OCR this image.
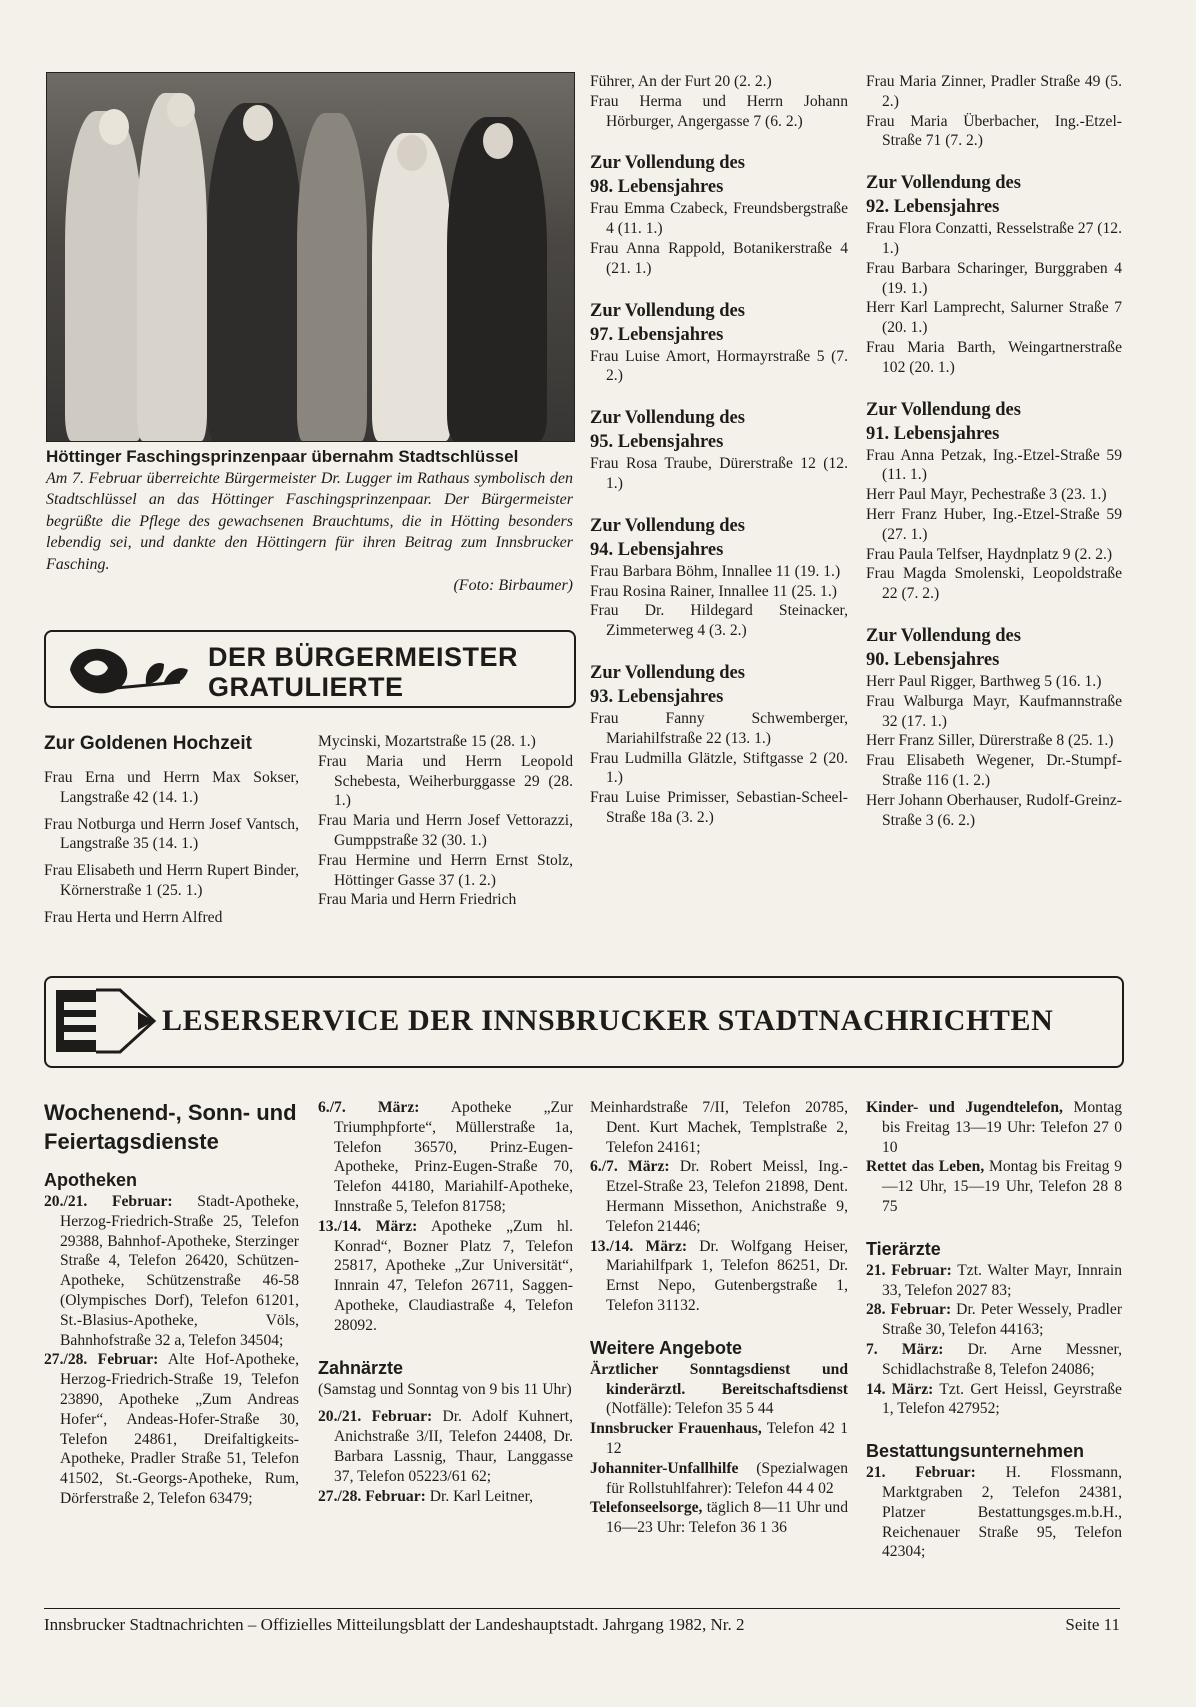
Höttinger Faschingsprinzenpaar übernahm Stadtschlüssel
Am 7. Februar überreichte Bürgermeister Dr. Lugger im Rathaus symbolisch den Stadtschlüssel an das Höttinger Faschingsprinzenpaar. Der Bürgermeister begrüßte die Pflege des gewachsenen Brauchtums, die in Hötting besonders lebendig sei, und dankte den Höttingern für ihren Beitrag zum Innsbrucker Fasching.
(Foto: Birbaumer)
DER BÜRGERMEISTER
GRATULIERTE

Zur Goldenen Hochzeit

Frau Erna und Herrn Max Sokser, Langstraße 42 (14. 1.)

Frau Notburga und Herrn Josef Vantsch, Langstraße 35 (14. 1.)

Frau Elisabeth und Herrn Rupert Binder, Körnerstraße 1 (25. 1.)

Frau Herta und Herrn Alfred

Mycinski, Mozartstraße 15 (28. 1.)

Frau Maria und Herrn Leopold Schebesta, Weiherburggasse 29 (28. 1.)

Frau Maria und Herrn Josef Vettorazzi, Gumppstraße 32 (30. 1.)

Frau Hermine und Herrn Ernst Stolz, Höttinger Gasse 37 (1. 2.)

Frau Maria und Herrn Friedrich

Führer, An der Furt 20 (2. 2.)

Frau Herma und Herrn Johann Hörburger, Angergasse 7 (6. 2.)

Zur Vollendung des

98. Lebensjahres

Frau Emma Czabeck, Freundsbergstraße 4 (11. 1.)

Frau Anna Rappold, Botanikerstraße 4 (21. 1.)

Zur Vollendung des

97. Lebensjahres

Frau Luise Amort, Hormayrstraße 5 (7. 2.)

Zur Vollendung des

95. Lebensjahres

Frau Rosa Traube, Dürerstraße 12 (12. 1.)

Zur Vollendung des

94. Lebensjahres

Frau Barbara Böhm, Innallee 11 (19. 1.)

Frau Rosina Rainer, Innallee 11 (25. 1.)

Frau Dr. Hildegard Steinacker, Zimmeterweg 4 (3. 2.)

Zur Vollendung des

93. Lebensjahres

Frau Fanny Schwemberger, Mariahilfstraße 22 (13. 1.)

Frau Ludmilla Glätzle, Stiftgasse 2 (20. 1.)

Frau Luise Primisser, Sebastian-Scheel-Straße 18a (3. 2.)

Frau Maria Zinner, Pradler Straße 49 (5. 2.)

Frau Maria Überbacher, Ing.-Etzel-Straße 71 (7. 2.)

Zur Vollendung des

92. Lebensjahres

Frau Flora Conzatti, Resselstraße 27 (12. 1.)

Frau Barbara Scharinger, Burggraben 4 (19. 1.)

Herr Karl Lamprecht, Salurner Straße 7 (20. 1.)

Frau Maria Barth, Weingartnerstraße 102 (20. 1.)

Zur Vollendung des

91. Lebensjahres

Frau Anna Petzak, Ing.-Etzel-Straße 59 (11. 1.)

Herr Paul Mayr, Pechestraße 3 (23. 1.)

Herr Franz Huber, Ing.-Etzel-Straße 59 (27. 1.)

Frau Paula Telfser, Haydnplatz 9 (2. 2.)

Frau Magda Smolenski, Leopoldstraße 22 (7. 2.)

Zur Vollendung des

90. Lebensjahres

Herr Paul Rigger, Barthweg 5 (16. 1.)

Frau Walburga Mayr, Kaufmannstraße 32 (17. 1.)

Herr Franz Siller, Dürerstraße 8 (25. 1.)

Frau Elisabeth Wegener, Dr.-Stumpf-Straße 116 (1. 2.)

Herr Johann Oberhauser, Rudolf-Greinz-Straße 3 (6. 2.)

LESERSERVICE DER INNSBRUCKER STADTNACHRICHTEN

Wochenend-, Sonn- und Feiertagsdienste

Apotheken

20./21. Februar: Stadt-Apotheke, Herzog-Friedrich-Straße 25, Telefon 29388, Bahnhof-Apotheke, Sterzinger Straße 4, Telefon 26420, Schützen-Apotheke, Schützenstraße 46-58 (Olympisches Dorf), Telefon 61201, St.-Blasius-Apotheke, Völs, Bahnhofstraße 32 a, Telefon 34504;

27./28. Februar: Alte Hof-Apotheke, Herzog-Friedrich-Straße 19, Telefon 23890, Apotheke „Zum Andreas Hofer“, Andeas-Hofer-Straße 30, Telefon 24861, Dreifaltigkeits-Apotheke, Pradler Straße 51, Telefon 41502, St.-Georgs-Apotheke, Rum, Dörferstraße 2, Telefon 63479;

6./7. März: Apotheke „Zur Triumphpforte“, Müllerstraße 1a, Telefon 36570, Prinz-Eugen-Apotheke, Prinz-Eugen-Straße 70, Telefon 44180, Mariahilf-Apotheke, Innstraße 5, Telefon 81758;

13./14. März: Apotheke „Zum hl. Konrad“, Bozner Platz 7, Telefon 25817, Apotheke „Zur Universität“, Innrain 47, Telefon 26711, Saggen-Apotheke, Claudiastraße 4, Telefon 28092.

Zahnärzte

(Samstag und Sonntag von 9 bis 11 Uhr)

20./21. Februar: Dr. Adolf Kuhnert, Anichstraße 3/II, Telefon 24408, Dr. Barbara Lassnig, Thaur, Langgasse 37, Telefon 05223/61 62;

27./28. Februar: Dr. Karl Leitner,

Meinhardstraße 7/II, Telefon 20785, Dent. Kurt Machek, Templstraße 2, Telefon 24161;

6./7. März: Dr. Robert Meissl, Ing.-Etzel-Straße 23, Telefon 21898, Dent. Hermann Missethon, Anichstraße 9, Telefon 21446;

13./14. März: Dr. Wolfgang Heiser, Mariahilfpark 1, Telefon 86251, Dr. Ernst Nepo, Gutenbergstraße 1, Telefon 31132.

Weitere Angebote

Ärztlicher Sonntagsdienst und kinderärztl. Bereitschaftsdienst (Notfälle): Telefon 35 5 44

Innsbrucker Frauenhaus, Telefon 42 1 12

Johanniter-Unfallhilfe (Spezialwagen für Rollstuhlfahrer): Telefon 44 4 02

Telefonseelsorge, täglich 8—11 Uhr und 16—23 Uhr: Telefon 36 1 36

Kinder- und Jugendtelefon, Montag bis Freitag 13—19 Uhr: Telefon 27 0 10

Rettet das Leben, Montag bis Freitag 9—12 Uhr, 15—19 Uhr, Telefon 28 8 75

Tierärzte

21. Februar: Tzt. Walter Mayr, Innrain 33, Telefon 2027 83;

28. Februar: Dr. Peter Wessely, Pradler Straße 30, Telefon 44163;

7. März: Dr. Arne Messner, Schidlachstraße 8, Telefon 24086;

14. März: Tzt. Gert Heissl, Geyrstraße 1, Telefon 427952;

Bestattungsunternehmen

21. Februar: H. Flossmann, Marktgraben 2, Telefon 24381, Platzer Bestattungsges.m.b.H., Reichenauer Straße 95, Telefon 42304;

Innsbrucker Stadtnachrichten – Offizielles Mitteilungsblatt der Landeshauptstadt. Jahrgang 1982, Nr. 2	Seite 11
